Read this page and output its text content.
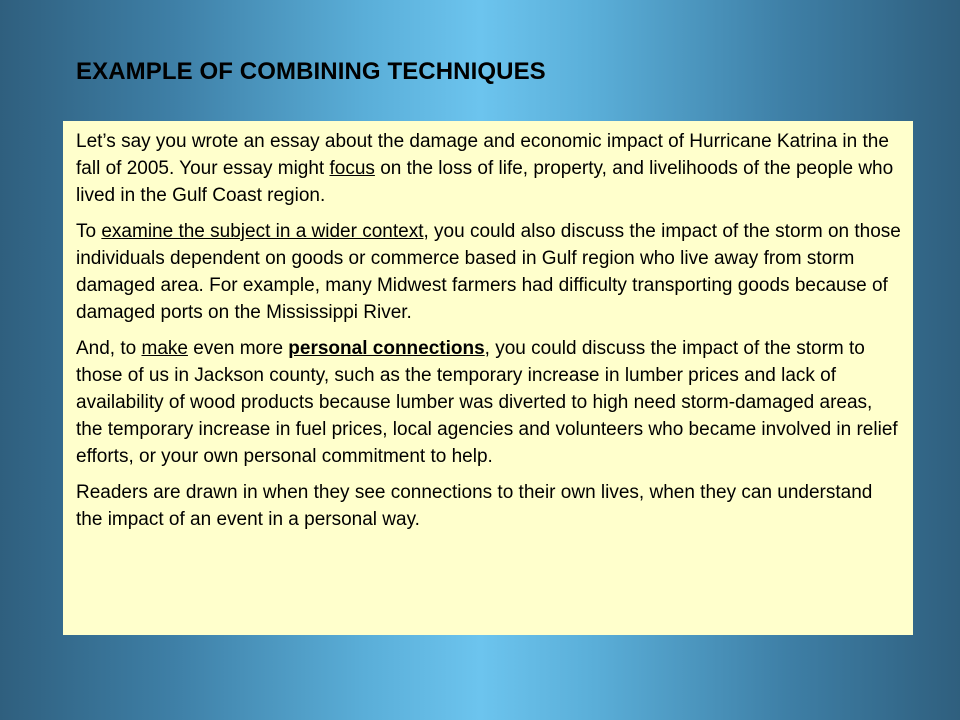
EXAMPLE OF COMBINING TECHNIQUES

Let’s say you wrote an essay about the damage and economic impact of Hurricane Katrina in the fall of 2005. Your essay might focus on the loss of life, property, and livelihoods of the people who lived in the Gulf Coast region.

To examine the subject in a wider context, you could also discuss the impact of the storm on those individuals dependent on goods or commerce based in Gulf region who live away from storm damaged area. For example, many Midwest farmers had difficulty transporting goods because of damaged ports on the Mississippi River.

And, to make even more personal connections, you could discuss the impact of the storm to those of us in Jackson county, such as the temporary increase in lumber prices and lack of availability of wood products because lumber was diverted to high need storm-damaged areas, the temporary increase in fuel prices, local agencies and volunteers who became involved in relief efforts, or your own personal commitment to help.

Readers are drawn in when they see connections to their own lives, when they can understand the impact of an event in a personal way.
